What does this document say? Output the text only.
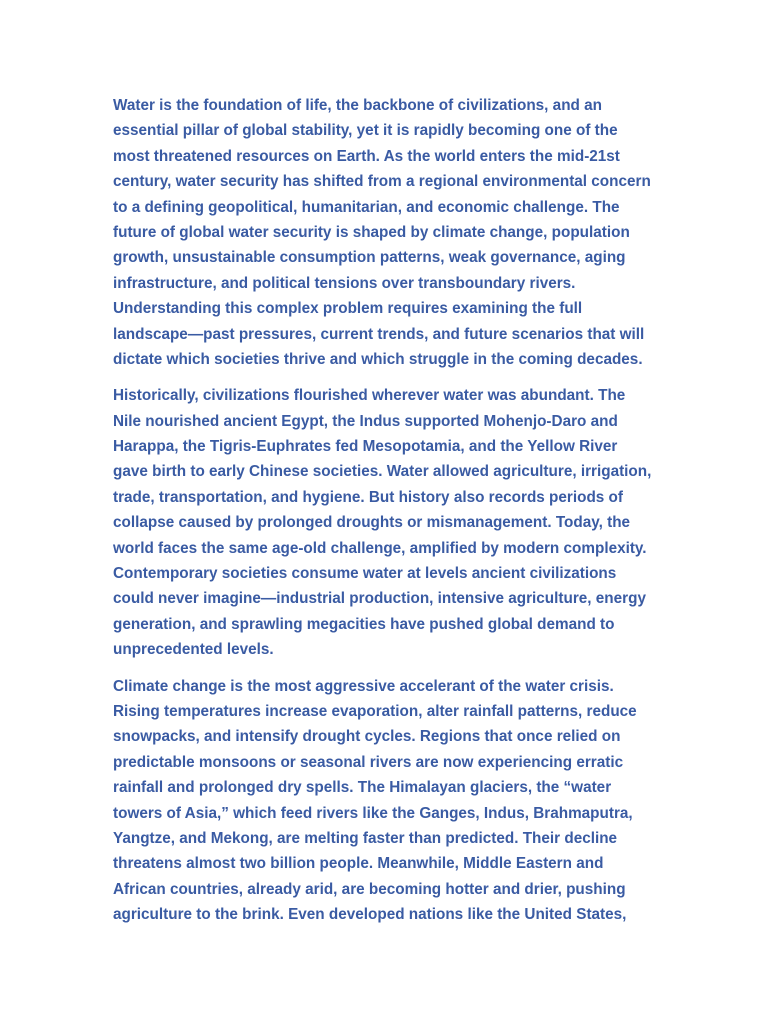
Water is the foundation of life, the backbone of civilizations, and an
essential pillar of global stability, yet it is rapidly becoming one of the
most threatened resources on Earth. As the world enters the mid-21st
century, water security has shifted from a regional environmental concern
to a defining geopolitical, humanitarian, and economic challenge. The
future of global water security is shaped by climate change, population
growth, unsustainable consumption patterns, weak governance, aging
infrastructure, and political tensions over transboundary rivers.
Understanding this complex problem requires examining the full
landscape—past pressures, current trends, and future scenarios that will
dictate which societies thrive and which struggle in the coming decades.

Historically, civilizations flourished wherever water was abundant. The
Nile nourished ancient Egypt, the Indus supported Mohenjo-Daro and
Harappa, the Tigris-Euphrates fed Mesopotamia, and the Yellow River
gave birth to early Chinese societies. Water allowed agriculture, irrigation,
trade, transportation, and hygiene. But history also records periods of
collapse caused by prolonged droughts or mismanagement. Today, the
world faces the same age-old challenge, amplified by modern complexity.
Contemporary societies consume water at levels ancient civilizations
could never imagine—industrial production, intensive agriculture, energy
generation, and sprawling megacities have pushed global demand to
unprecedented levels.

Climate change is the most aggressive accelerant of the water crisis.
Rising temperatures increase evaporation, alter rainfall patterns, reduce
snowpacks, and intensify drought cycles. Regions that once relied on
predictable monsoons or seasonal rivers are now experiencing erratic
rainfall and prolonged dry spells. The Himalayan glaciers, the “water
towers of Asia,” which feed rivers like the Ganges, Indus, Brahmaputra,
Yangtze, and Mekong, are melting faster than predicted. Their decline
threatens almost two billion people. Meanwhile, Middle Eastern and
African countries, already arid, are becoming hotter and drier, pushing
agriculture to the brink. Even developed nations like the United States,
